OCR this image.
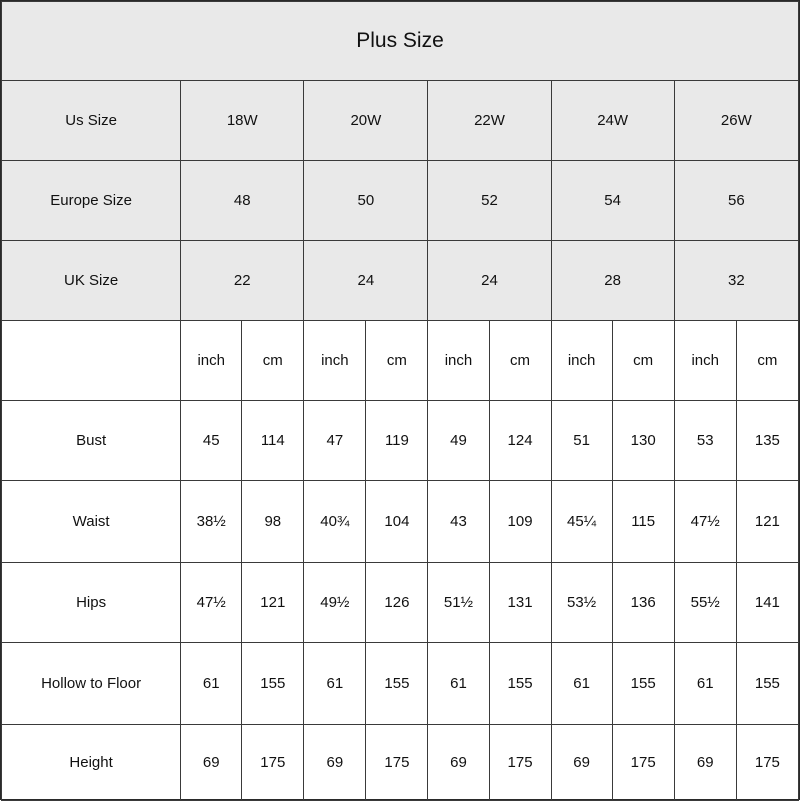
Plus Size										
Us Size	18W		20W		22W		24W		26W	
Europe Size	48		50		52		54		56	
UK Size	22		24		24		28		32	
	inch	cm	inch	cm	inch	cm	inch	cm	inch	cm
Bust	45	114	47	119	49	124	51	130	53	135
Waist	38½	98	40¾	104	43	109	45¼	115	47½	121
Hips	47½	121	49½	126	51½	131	53½	136	55½	141
Hollow to Floor	61	155	61	155	61	155	61	155	61	155
Height	69	175	69	175	69	175	69	175	69	175
